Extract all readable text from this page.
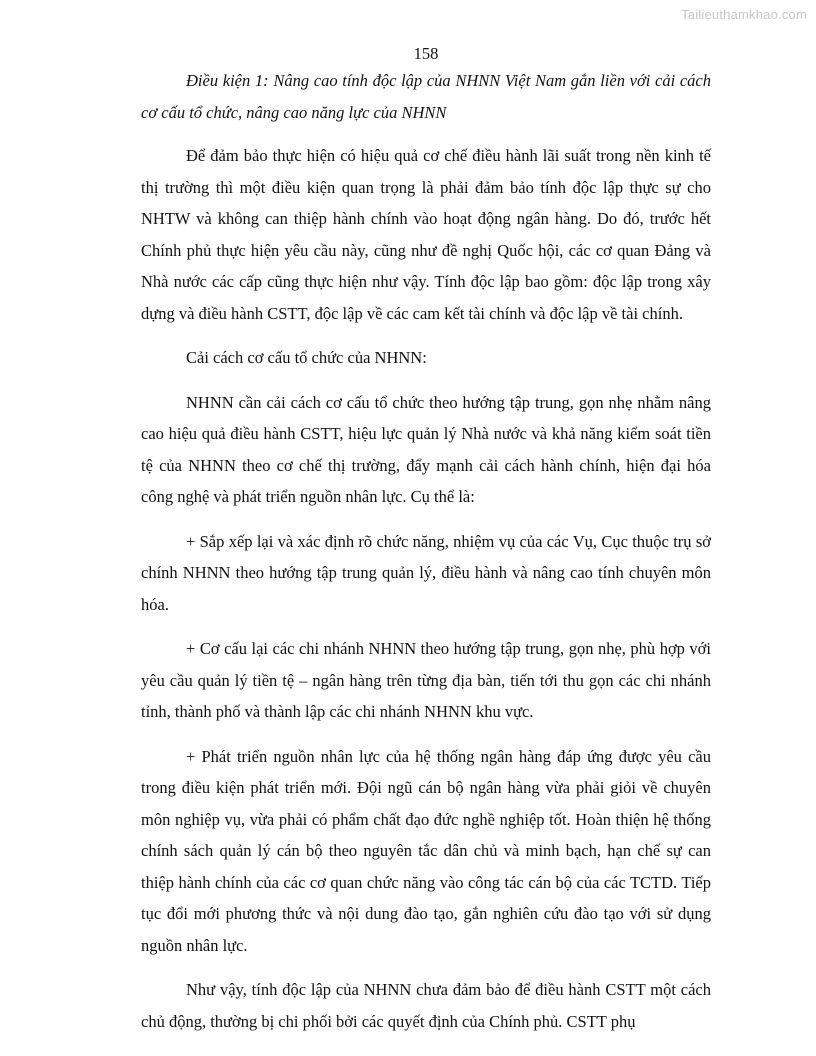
Tailieuthamkhao.com
158

Điều kiện 1: Nâng cao tính độc lập của NHNN Việt Nam gắn liền với cải cách cơ cấu tổ chức, nâng cao năng lực của NHNN

Để đảm bảo thực hiện có hiệu quả cơ chế điều hành lãi suất trong nền kinh tế thị trường thì một điều kiện quan trọng là phải đảm bảo tính độc lập thực sự cho NHTW và không can thiệp hành chính vào hoạt động ngân hàng. Do đó, trước hết Chính phủ thực hiện yêu cầu này, cũng như đề nghị Quốc hội, các cơ quan Đảng và Nhà nước các cấp cũng thực hiện như vậy. Tính độc lập bao gồm: độc lập trong xây dựng và điều hành CSTT, độc lập về các cam kết tài chính và độc lập về tài chính.

Cải cách cơ cấu tổ chức của NHNN:

NHNN cần cải cách cơ cấu tổ chức theo hướng tập trung, gọn nhẹ nhằm nâng cao hiệu quả điều hành CSTT, hiệu lực quản lý Nhà nước và khả năng kiểm soát tiền tệ của NHNN theo cơ chế thị trường, đẩy mạnh cải cách hành chính, hiện đại hóa công nghệ và phát triển nguồn nhân lực. Cụ thể là:

+ Sắp xếp lại và xác định rõ chức năng, nhiệm vụ của các Vụ, Cục thuộc trụ sở chính NHNN theo hướng tập trung quản lý, điều hành và nâng cao tính chuyên môn hóa.

+ Cơ cấu lại các chi nhánh NHNN theo hướng tập trung, gọn nhẹ, phù hợp với yêu cầu quản lý tiền tệ – ngân hàng trên từng địa bàn, tiến tới thu gọn các chi nhánh tỉnh, thành phố và thành lập các chi nhánh NHNN khu vực.

+ Phát triển nguồn nhân lực của hệ thống ngân hàng đáp ứng được yêu cầu trong điều kiện phát triển mới. Đội ngũ cán bộ ngân hàng vừa phải giỏi về chuyên môn nghiệp vụ, vừa phải có phẩm chất đạo đức nghề nghiệp tốt. Hoàn thiện hệ thống chính sách quản lý cán bộ theo nguyên tắc dân chủ và minh bạch, hạn chế sự can thiệp hành chính của các cơ quan chức năng vào công tác cán bộ của các TCTD. Tiếp tục đổi mới phương thức và nội dung đào tạo, gắn nghiên cứu đào tạo với sử dụng nguồn nhân lực.

Như vậy, tính độc lập của NHNN chưa đảm bảo để điều hành CSTT một cách chủ động, thường bị chi phối bởi các quyết định của Chính phủ. CSTT phụ
